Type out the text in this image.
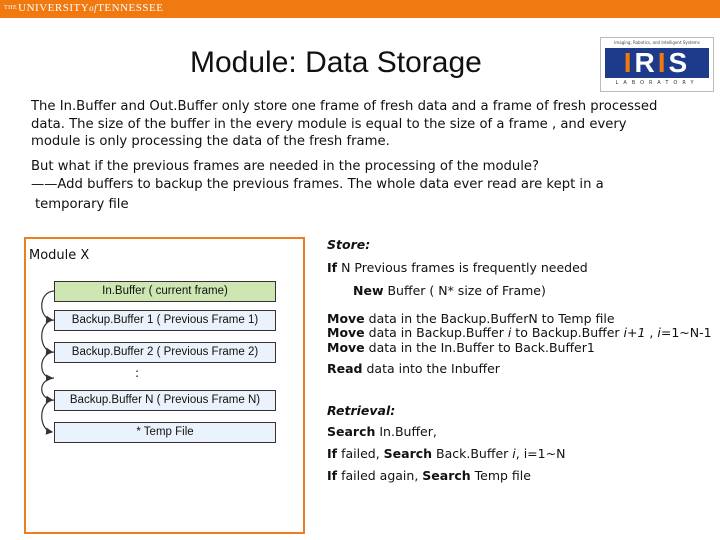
THEUNIVERSITYofTENNESSEE
Module: Data Storage
Imaging, Robotics, and Intelligent Systems
IRIS
LABORATORY
The In.Buffer and Out.Buffer only store one frame of fresh data and a frame of fresh processed
data. The size of the buffer in the every module is equal to the size of a frame , and every
module is only processing the data of the fresh frame.
But what if the previous frames are needed in the processing of the module?
——Add buffers to backup the previous frames. The whole data ever read are kept in a
temporary file
Module X
In.Buffer ( current frame)
Backup.Buffer 1 ( Previous Frame 1)
Backup.Buffer 2 ( Previous Frame 2)
:
Backup.Buffer N ( Previous Frame N)
* Temp File
Store:
If N Previous frames is frequently needed
New Buffer ( N* size of Frame)
Move data in the Backup.BufferN to Temp file
Move data in Backup.Buffer i to Backup.Buffer i+1 , i=1~N-1
Move data in the In.Buffer to Back.Buffer1
Read data into the Inbuffer
Retrieval:
Search In.Buffer,
If failed, Search Back.Buffer i, i=1~N
If failed again, Search Temp file
